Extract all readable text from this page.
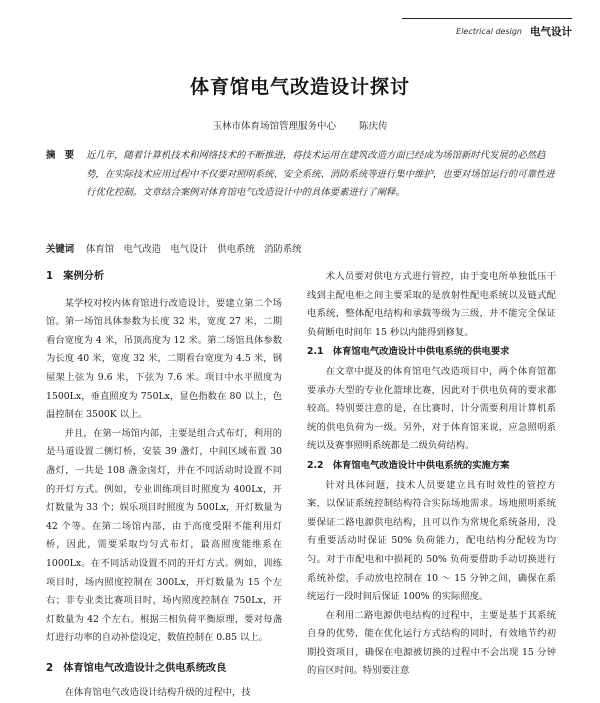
Electrical design 电气设计
体育馆电气改造设计探讨
玉林市体育场馆管理服务中心 陈庆传
摘　要	近几年，随着计算机技术和网络技术的不断推进，将技术运用在建筑改造方面已经成为场馆新时代发展的必然趋势，在实际技术应用过程中不仅要对照明系统、安全系统、消防系统等进行集中维护，也要对场馆运行的可靠性进行优化控制。文章结合案例对体育馆电气改造设计中的具体要素进行了阐释。
关键词	体育馆　电气改造　电气设计　供电系统　消防系统
1　案例分析

某学校对校内体育馆进行改造设计，要建立第二个场馆。第一场馆具体参数为长度 32 米，宽度 27 米，二期看台宽度为 4 米，吊顶高度为 12 米。第二场馆具体参数为长度 40 米，宽度 32 米，二期看台宽度为 4.5 米，钢屋架上弦为 9.6 米，下弦为 7.6 米。项目中水平照度为 1500Lx，垂直照度为 750Lx，显色指数在 80 以上，色温控制在 3500K 以上。

并且，在第一场馆内部，主要是组合式布灯，利用的是马道设置二侧灯桥，安装 39 盏灯，中间区域布置 30 盏灯，一共是 108 盏金卤灯，并在不同活动时设置不同的开灯方式。例如，专业训练项目时照度为 400Lx，开灯数量为 33 个；娱乐项目时照度为 500Lx，开灯数量为 42 个等。在第二场馆内部，由于高度受限不能利用灯桥，因此，需要采取均匀式布灯，最高照度能维系在 1000Lx。在不同活动设置不同的开灯方式。例如，训练项目时，场内照度控制在 300Lx，开灯数量为 15 个左右；非专业类比赛项目时，场内照度控制在 750Lx，开灯数量为 42 个左右。根据三相负荷平衡原理，要对每盏灯进行功率的自动补偿设定，数值控制在 0.85 以上。

2　体育馆电气改造设计之供电系统改良

在体育馆电气改造设计结构升级的过程中，技

术人员要对供电方式进行管控，由于变电所单独低压干线到主配电柜之间主要采取的是放射性配电系统以及链式配电系统，整体配电结构和承载等级为三级，并不能完全保证负荷断电时间年 15 秒以内能得到修复。

2.1　体育馆电气改造设计中供电系统的供电要求

在文章中提及的体育馆电气改造项目中，两个体育馆都要承办大型的专业化篮球比赛，因此对于供电负荷的要求都较高。特别要注意的是，在比赛时，计分需要利用计算机系统的供电负荷为一级。另外，对于体育馆来说，应急照明系统以及赛事照明系统都是二级负荷结构。

2.2　体育馆电气改造设计中供电系统的实施方案

针对具体问题，技术人员要建立具有时效性的管控方案，以保证系统控制结构符合实际场地需求。场地照明系统要保证二路电源供电结构，且可以作为常规化系统备用，没有重要活动时保证 50% 负荷能力，配电结构分配较为均匀。对于市配电和中损耗的 50% 负荷要借助手动切换进行系统补偿，手动放电控制在 10 ～ 15 分钟之间，确保在系统运行一段时间后保证 100% 的实际照度。

在利用二路电源供电结构的过程中，主要是基于其系统自身的优势，能在优化运行方式结构的同时，有效地节约初期投资项目，确保在电源被切换的过程中不会出现 15 分钟的盲区时间。特别要注意
